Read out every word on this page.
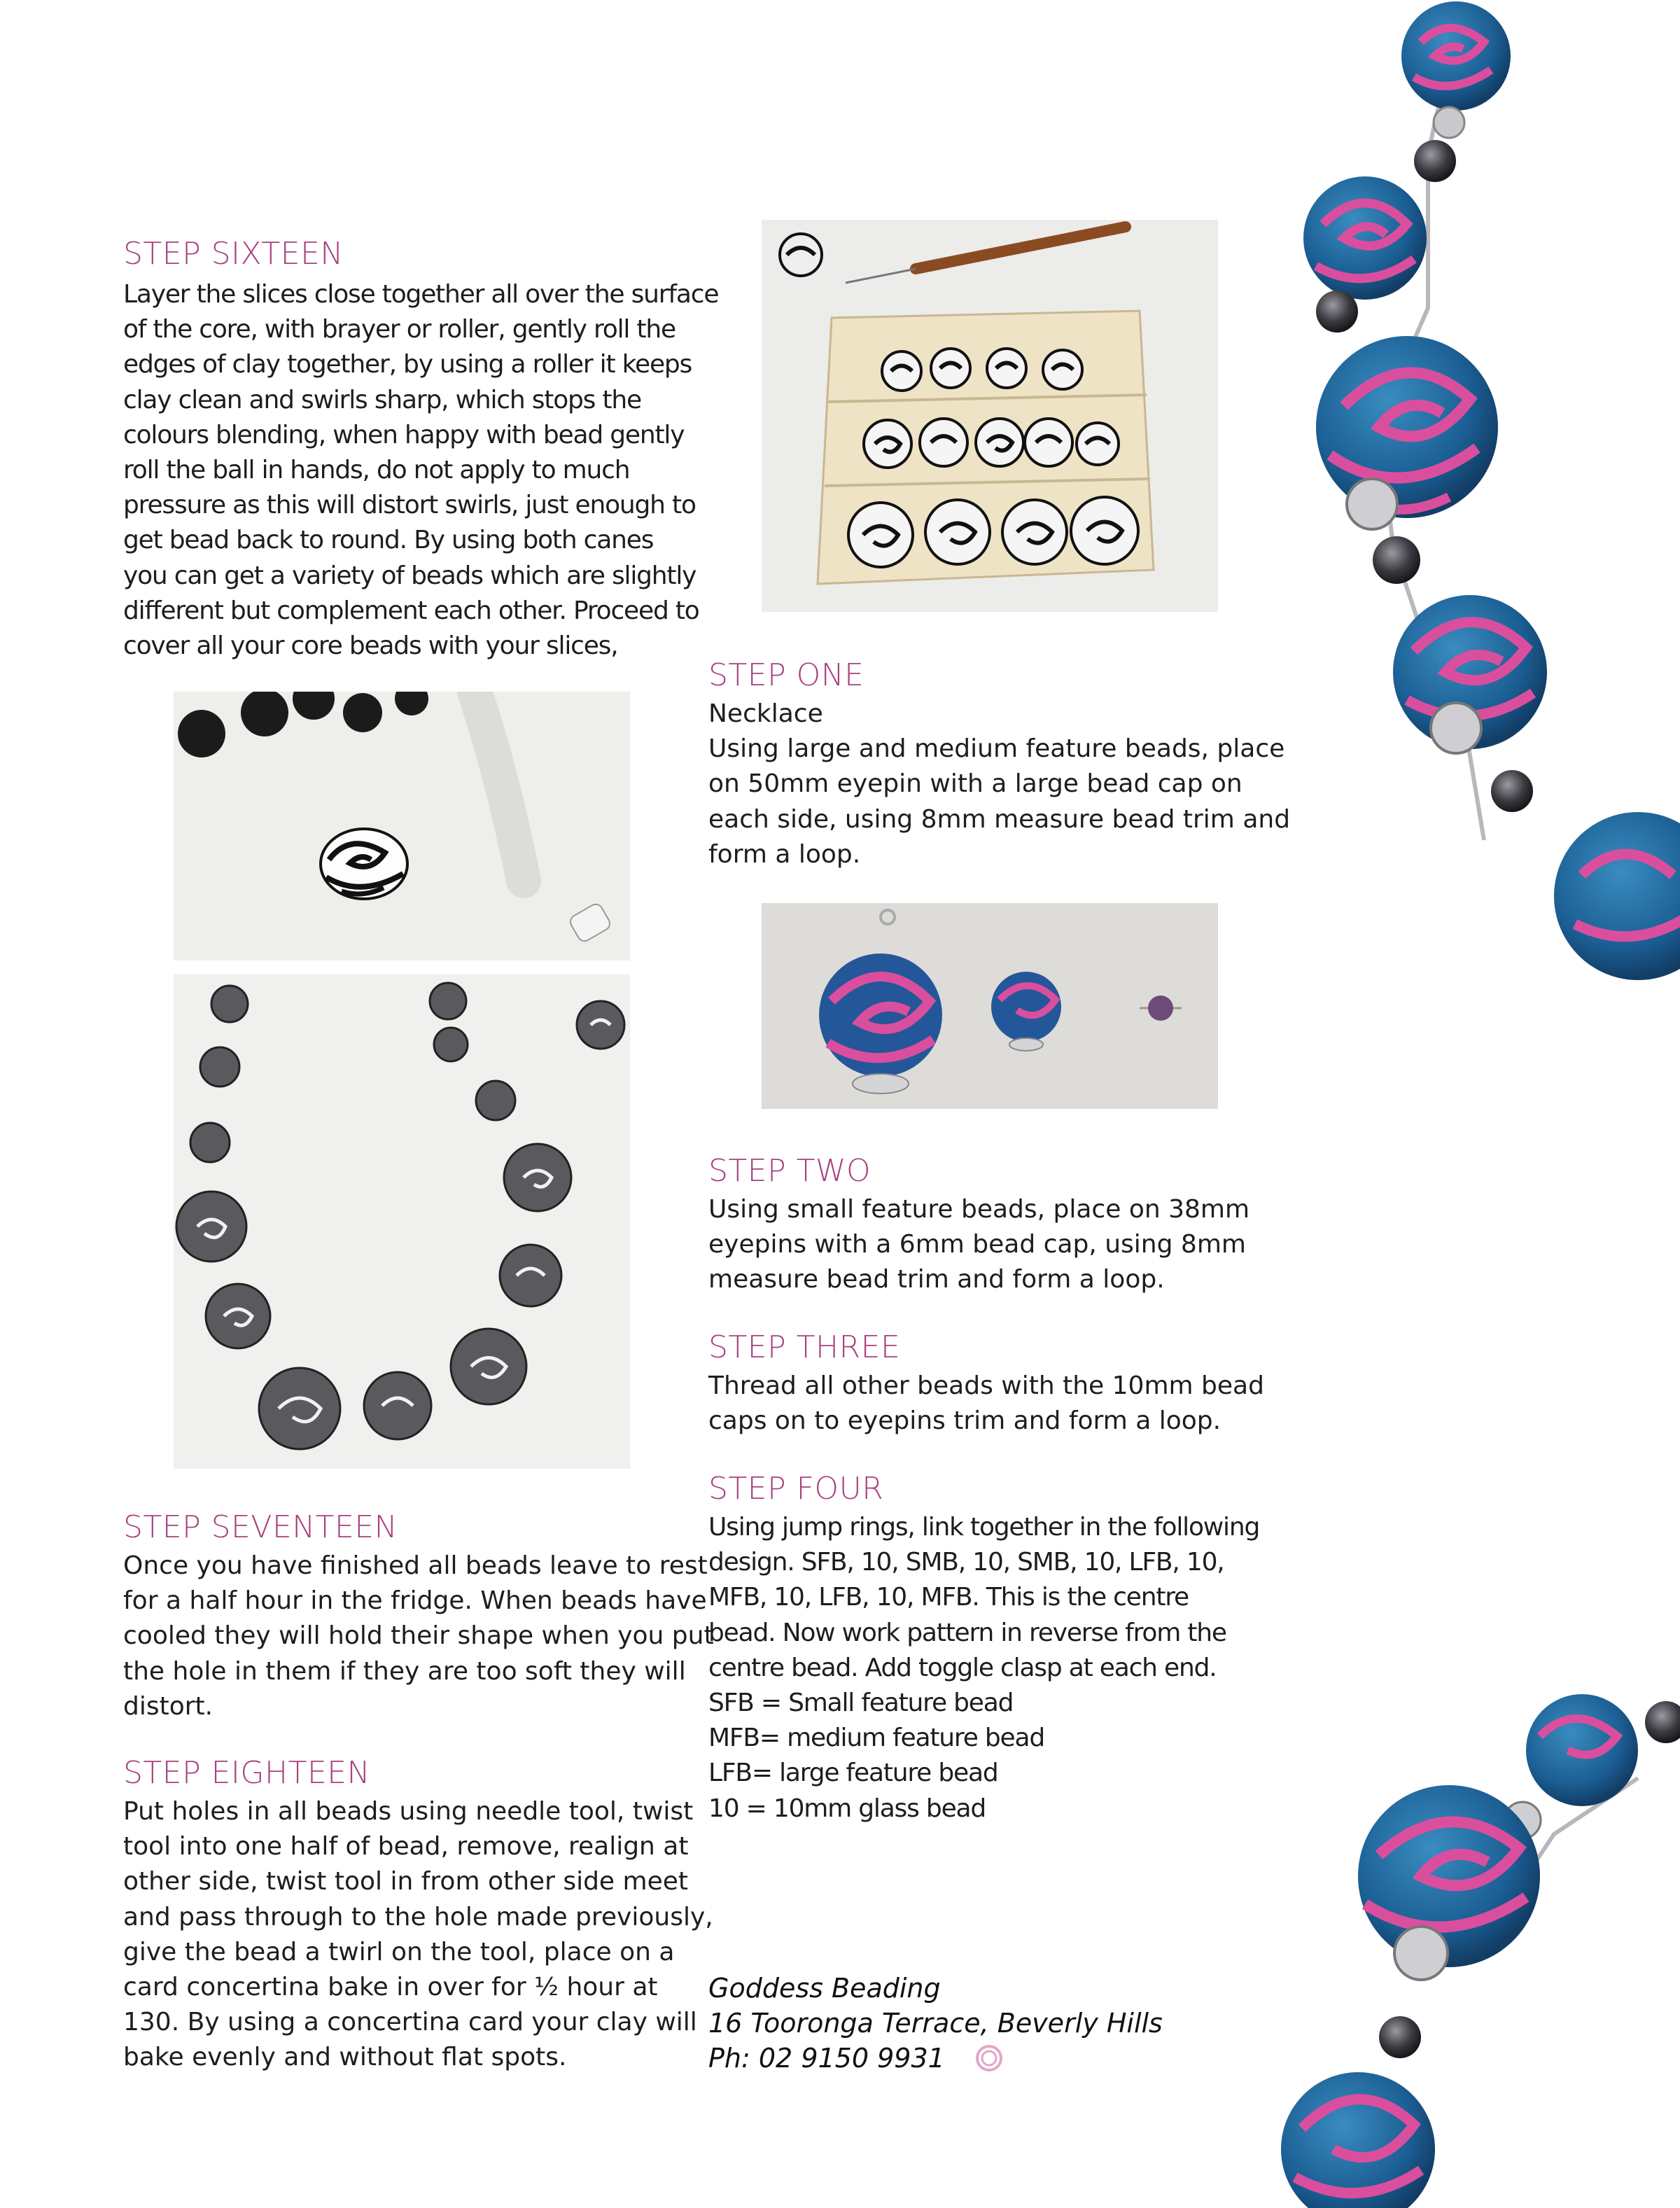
STEP SIXTEEN
Layer the slices close together all over the surface
of the core, with brayer or roller, gently roll the
edges of clay together, by using a roller it keeps
clay clean and swirls sharp, which stops the
colours blending, when happy with bead gently
roll the ball in hands, do not apply to much
pressure as this will distort swirls, just enough to
get bead back to round. By using both canes
you can get a variety of beads which are slightly
different but complement each other. Proceed to
cover all your core beads with your slices,
STEP SEVENTEEN
Once you have finished all beads leave to rest
for a half hour in the fridge. When beads have
cooled they will hold their shape when you put
the hole in them if they are too soft they will
distort.
STEP EIGHTEEN
Put holes in all beads using needle tool, twist
tool into one half of bead, remove, realign at
other side, twist tool in from other side meet
and pass through to the hole made previously,
give the bead a twirl on the tool, place on a
card concertina bake in over for ½ hour at
130. By using a concertina card your clay will
bake evenly and without flat spots.
STEP ONE
Necklace
Using large and medium feature beads, place
on 50mm eyepin with a large bead cap on
each side, using 8mm measure bead trim and
form a loop.
STEP TWO
Using small feature beads, place on 38mm
eyepins with a 6mm bead cap, using 8mm
measure bead trim and form a loop.
STEP THREE
Thread all other beads with the 10mm bead
caps on to eyepins trim and form a loop.
STEP FOUR
Using jump rings, link together in the following
design. SFB, 10, SMB, 10, SMB, 10, LFB, 10,
MFB, 10, LFB, 10, MFB. This is the centre
bead. Now work pattern in reverse from the
centre bead. Add toggle clasp at each end.
SFB = Small feature bead
MFB= medium feature bead
LFB= large feature bead
10 = 10mm glass bead
Goddess Beading
16 Tooronga Terrace, Beverly Hills
Ph: 02 9150 9931
